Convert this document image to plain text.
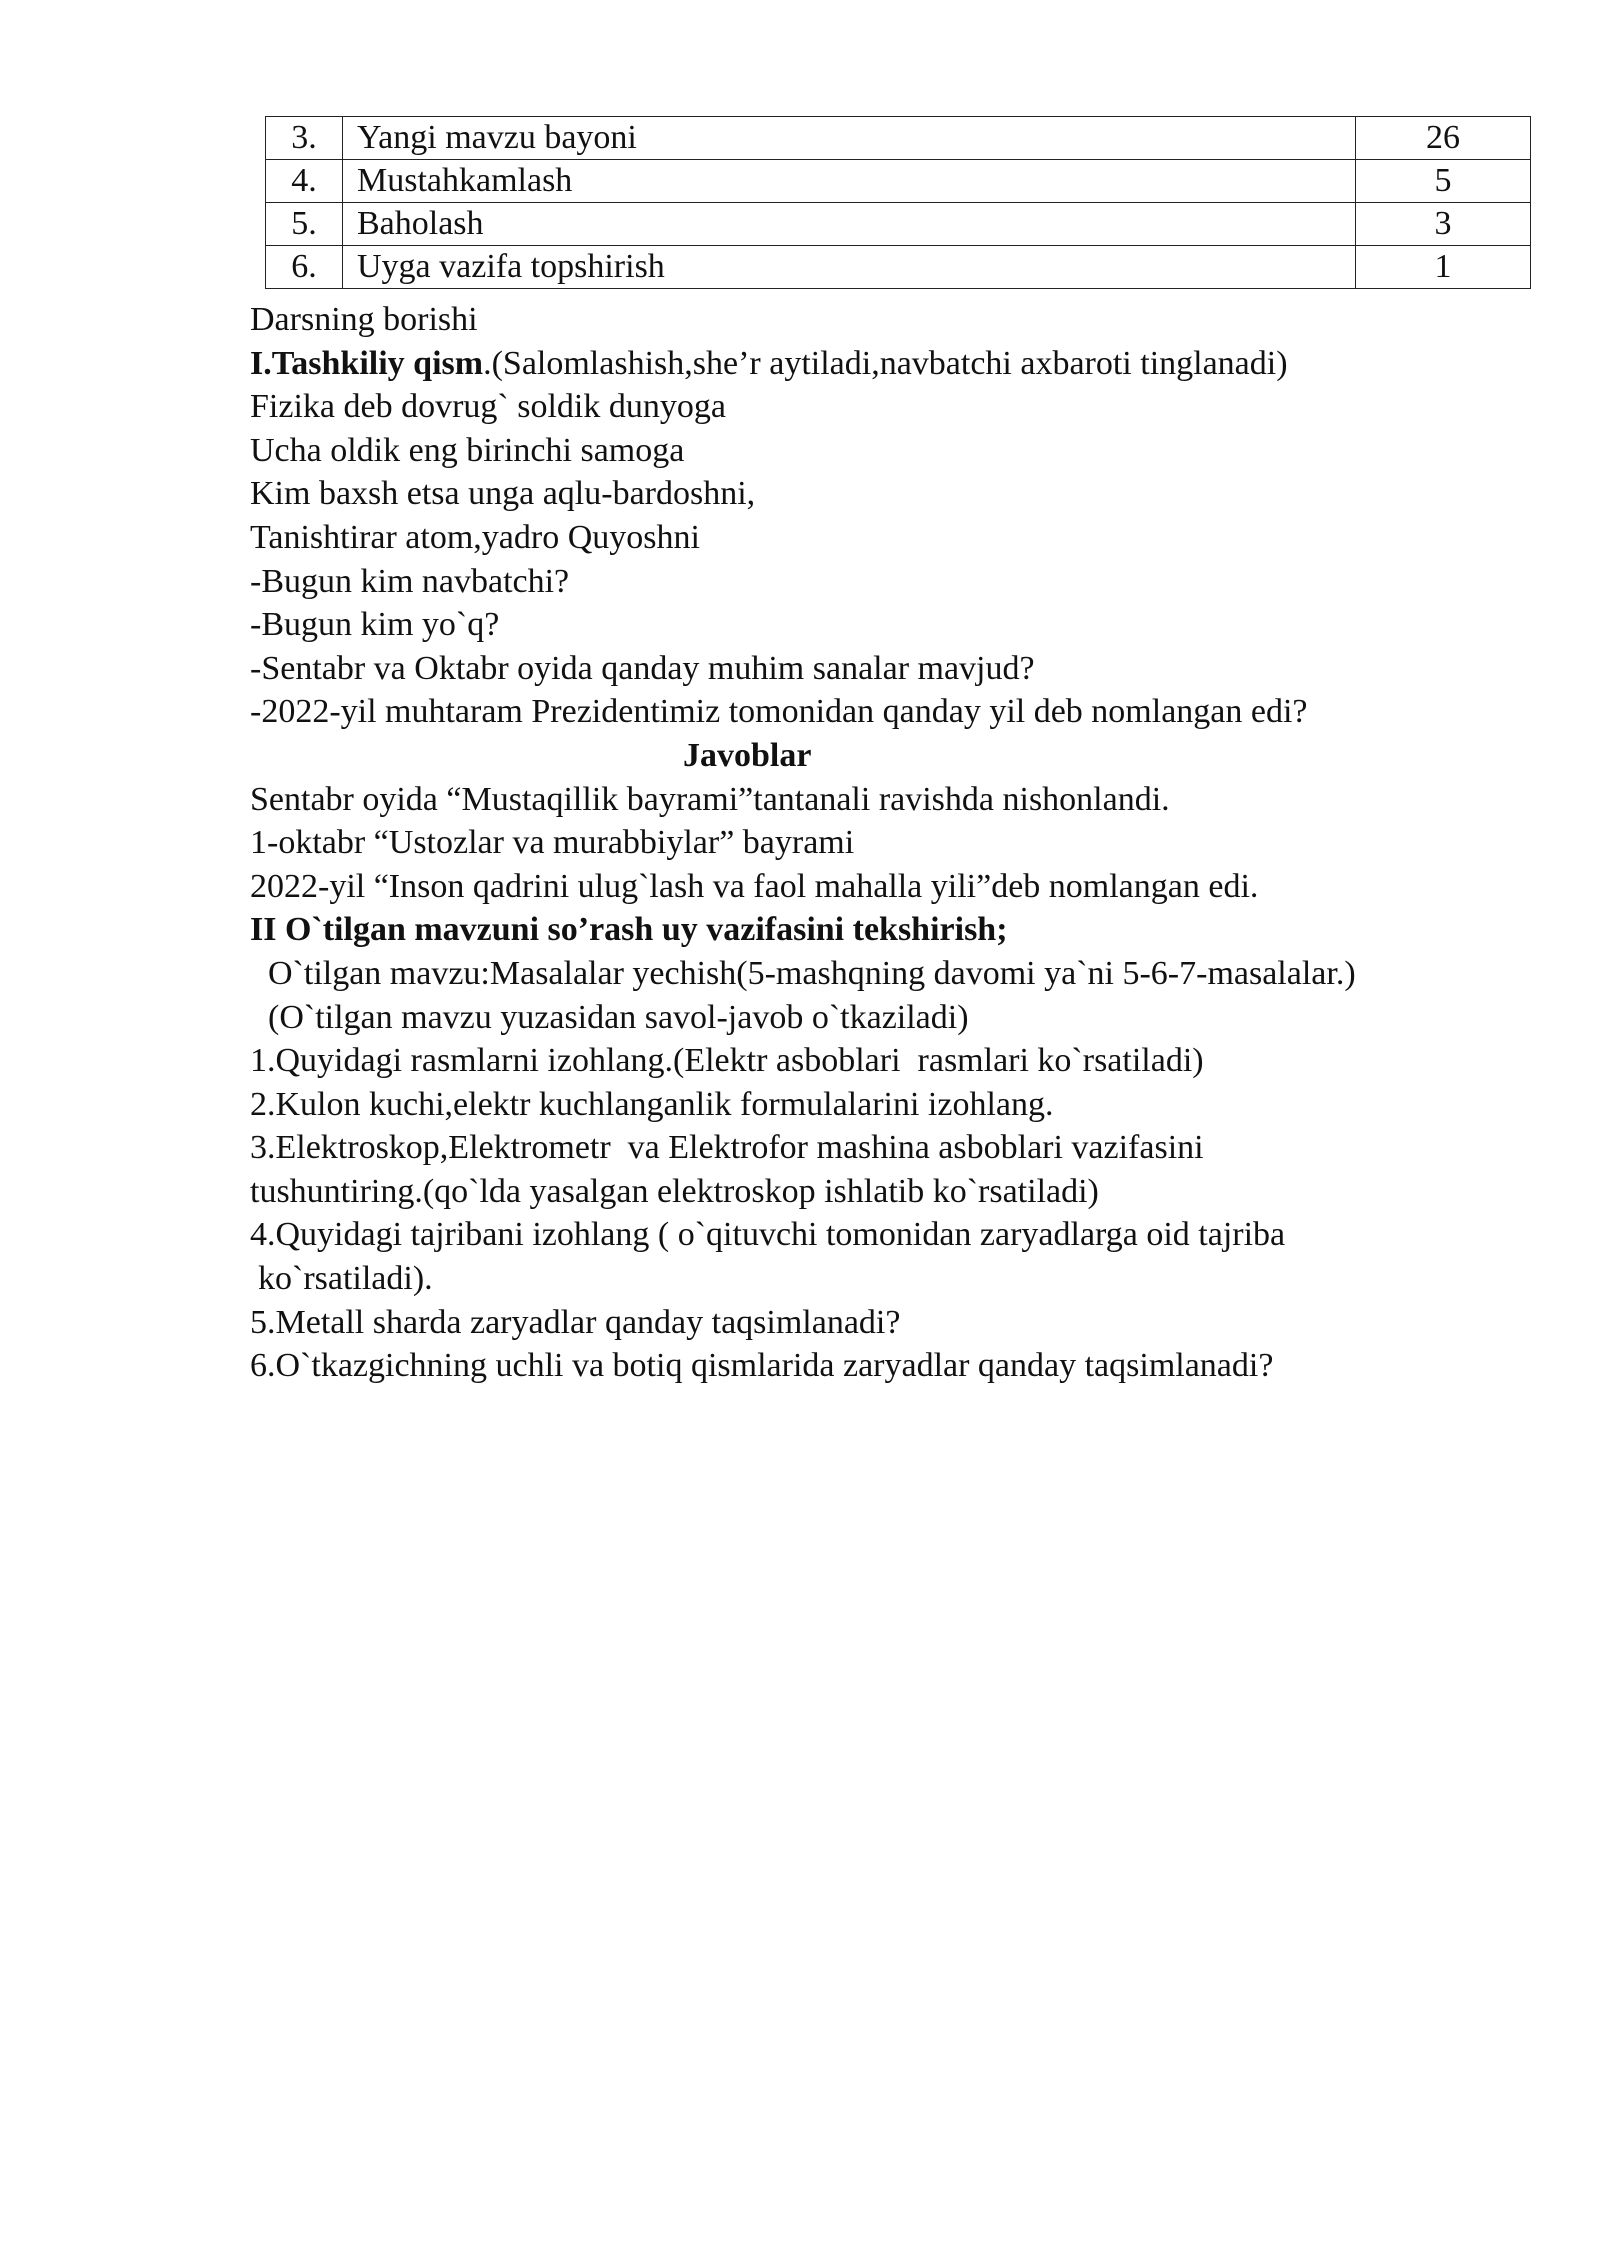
3.	Yangi mavzu bayoni	26
4.	Mustahkamlash	5
5.	Baholash	3
6.	Uyga vazifa topshirish	1
Darsning borishi
I.Tashkiliy qism.(Salomlashish,she’r aytiladi,navbatchi axbaroti tinglanadi)
Fizika deb dovrug` soldik dunyoga
Ucha oldik eng birinchi samoga
Kim baxsh etsa unga aqlu-bardoshni,
Tanishtirar atom,yadro Quyoshni
-Bugun kim navbatchi?
-Bugun kim yo`q?
-Sentabr va Oktabr oyida qanday muhim sanalar mavjud?
-2022-yil muhtaram Prezidentimiz tomonidan qanday yil deb nomlangan edi?
Javoblar
Sentabr oyida “Mustaqillik bayrami”tantanali ravishda nishonlandi.
1-oktabr “Ustozlar va murabbiylar” bayrami
2022-yil “Inson qadrini ulug`lash va faol mahalla yili”deb nomlangan edi.
II O`tilgan mavzuni so’rash uy vazifasini tekshirish;
O`tilgan mavzu:Masalalar yechish(5-mashqning davomi ya`ni 5-6-7-masalalar.)
(O`tilgan mavzu yuzasidan savol-javob o`tkaziladi)
1.Quyidagi rasmlarni izohlang.(Elektr asboblari  rasmlari ko`rsatiladi)
2.Kulon kuchi,elektr kuchlanganlik formulalarini izohlang.
3.Elektroskop,Elektrometr  va Elektrofor mashina asboblari vazifasini
tushuntiring.(qo`lda yasalgan elektroskop ishlatib ko`rsatiladi)
4.Quyidagi tajribani izohlang ( o`qituvchi tomonidan zaryadlarga oid tajriba
ko`rsatiladi).
5.Metall sharda zaryadlar qanday taqsimlanadi?
6.O`tkazgichning uchli va botiq qismlarida zaryadlar qanday taqsimlanadi?
